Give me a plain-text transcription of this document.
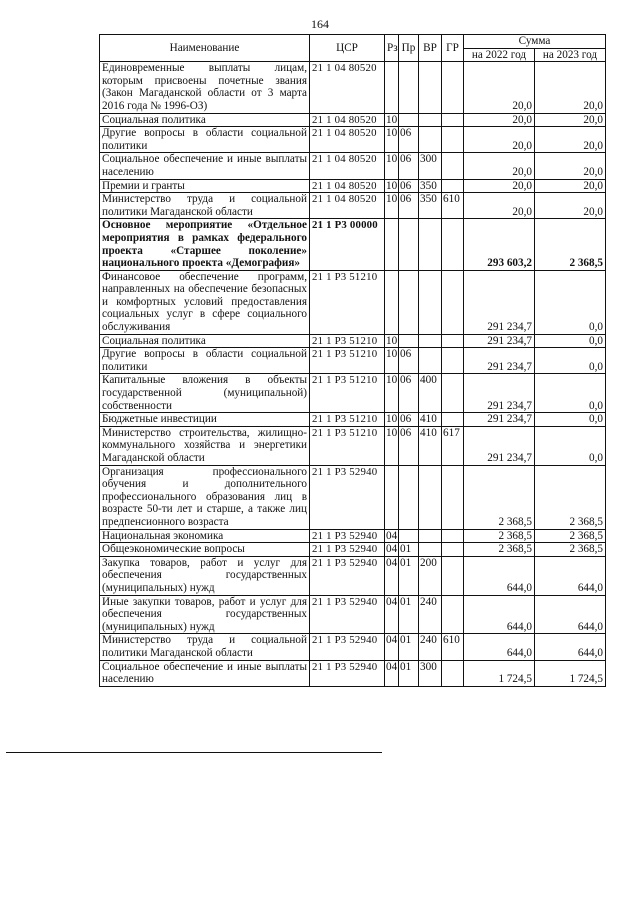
164
Наименование	ЦСР	Рз	Пр	ВР	ГР	Сумма	
						на 2022 год	на 2023 год
Единовременные выплаты лицам, которым присвоены почетные звания (Закон Магаданской области от 3 марта 2016 года № 1996-ОЗ)	21 1 04 80520					20,0	20,0
Социальная политика	21 1 04 80520	10				20,0	20,0
Другие вопросы в области социальной политики	21 1 04 80520	10	06			20,0	20,0
Социальное обеспечение и иные выплаты населению	21 1 04 80520	10	06	300		20,0	20,0
Премии и гранты	21 1 04 80520	10	06	350		20,0	20,0
Министерство труда и социальной политики Магаданской области	21 1 04 80520	10	06	350	610	20,0	20,0
Основное мероприятие «Отдельное мероприятия в рамках федерального проекта «Старшее поколение» национального проекта «Демография»	21 1 Р3 00000					293 603,2	2 368,5
Финансовое обеспечение программ, направленных на обеспечение безопасных и комфортных условий предоставления социальных услуг в сфере социального обслуживания	21 1 Р3 51210					291 234,7	0,0
Социальная политика	21 1 Р3 51210	10				291 234,7	0,0
Другие вопросы в области социальной политики	21 1 Р3 51210	10	06			291 234,7	0,0
Капитальные вложения в объекты государственной (муниципальной) собственности	21 1 Р3 51210	10	06	400		291 234,7	0,0
Бюджетные инвестиции	21 1 Р3 51210	10	06	410		291 234,7	0,0
Министерство строительства, жилищно-коммунального хозяйства и энергетики Магаданской области	21 1 Р3 51210	10	06	410	617	291 234,7	0,0
Организация профессионального обучения и дополнительного профессионального образования лиц в возрасте 50-ти лет и старше, а также лиц предпенсионного возраста	21 1 Р3 52940					2 368,5	2 368,5
Национальная экономика	21 1 Р3 52940	04				2 368,5	2 368,5
Общеэкономические вопросы	21 1 Р3 52940	04	01			2 368,5	2 368,5
Закупка товаров, работ и услуг для обеспечения государственных (муниципальных) нужд	21 1 Р3 52940	04	01	200		644,0	644,0
Иные закупки товаров, работ и услуг для обеспечения государственных (муниципальных) нужд	21 1 Р3 52940	04	01	240		644,0	644,0
Министерство труда и социальной политики Магаданской области	21 1 Р3 52940	04	01	240	610	644,0	644,0
Социальное обеспечение и иные выплаты населению	21 1 Р3 52940	04	01	300		1 724,5	1 724,5
